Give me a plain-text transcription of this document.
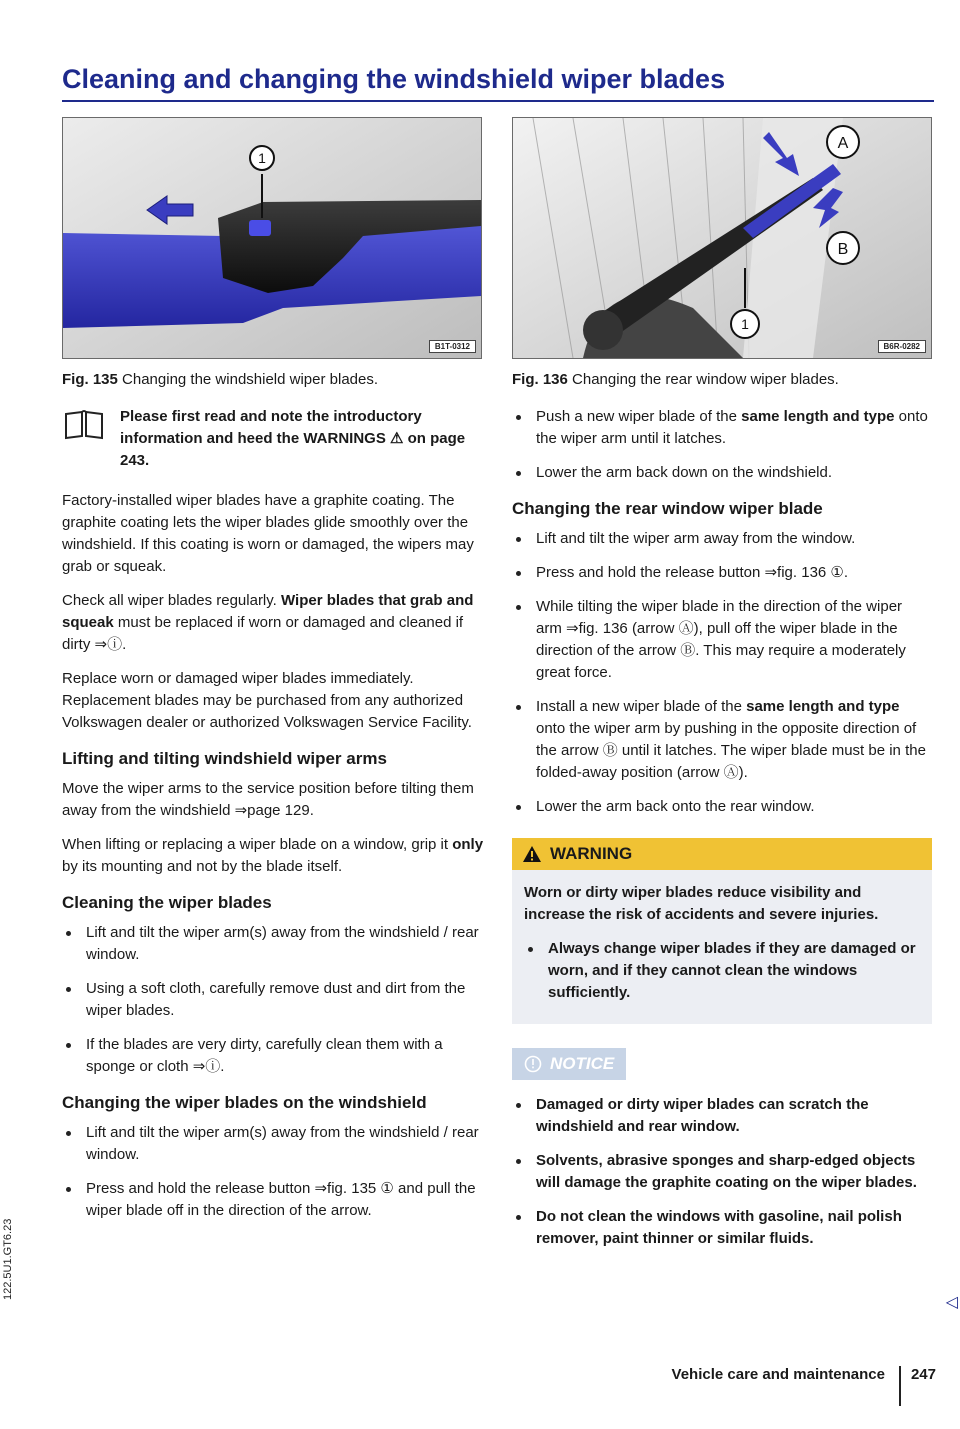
Cleaning and changing the windshield wiper blades
1
B1T-0312
Fig. 135 Changing the windshield wiper blades.
Please first read and note the introductory information and heed the WARNINGS ⚠ on page 243.

Factory-installed wiper blades have a graphite coating. The graphite coating lets the wiper blades glide smoothly over the windshield. If this coating is worn or damaged, the wipers may grab or squeak.

Check all wiper blades regularly. Wiper blades that grab and squeak must be replaced if worn or damaged and cleaned if dirty ⇒ⓘ.

Replace worn or damaged wiper blades immediately. Replacement blades may be purchased from any authorized Volkswagen dealer or authorized Volkswagen Service Facility.

Lifting and tilting windshield wiper arms

Move the wiper arms to the service position before tilting them away from the windshield ⇒page 129.

When lifting or replacing a wiper blade on a window, grip it only by its mounting and not by the blade itself.

Cleaning the wiper blades
Lift and tilt the wiper arm(s) away from the windshield / rear window.
Using a soft cloth, carefully remove dust and dirt from the wiper blades.
If the blades are very dirty, carefully clean them with a sponge or cloth ⇒ⓘ.
Changing the wiper blades on the windshield
Lift and tilt the wiper arm(s) away from the windshield / rear window.
Press and hold the release button ⇒fig. 135 ① and pull the wiper blade off in the direction of the arrow.
A
B
1
B6R-0282
Fig. 136 Changing the rear window wiper blades.
Push a new wiper blade of the same length and type onto the wiper arm until it latches.
Lower the arm back down on the windshield.
Changing the rear window wiper blade
Lift and tilt the wiper arm away from the window.
Press and hold the release button ⇒fig. 136 ①.
While tilting the wiper blade in the direction of the wiper arm ⇒fig. 136 (arrow Ⓐ), pull off the wiper blade in the direction of the arrow Ⓑ. This may require a moderately great force.
Install a new wiper blade of the same length and type onto the wiper arm by pushing in the opposite direction of the arrow Ⓑ until it latches. The wiper blade must be in the folded-away position (arrow Ⓐ).
Lower the arm back onto the rear window.
WARNING

Worn or dirty wiper blades reduce visibility and increase the risk of accidents and severe injuries.

Always change wiper blades if they are damaged or worn, and if they cannot clean the windows sufficiently.
NOTICE
Damaged or dirty wiper blades can scratch the windshield and rear window.
Solvents, abrasive sponges and sharp-edged objects will damage the graphite coating on the wiper blades.
Do not clean the windows with gasoline, nail polish remover, paint thinner or similar fluids.
◁
Vehicle care and maintenance	247
122.5U1.GT6.23
